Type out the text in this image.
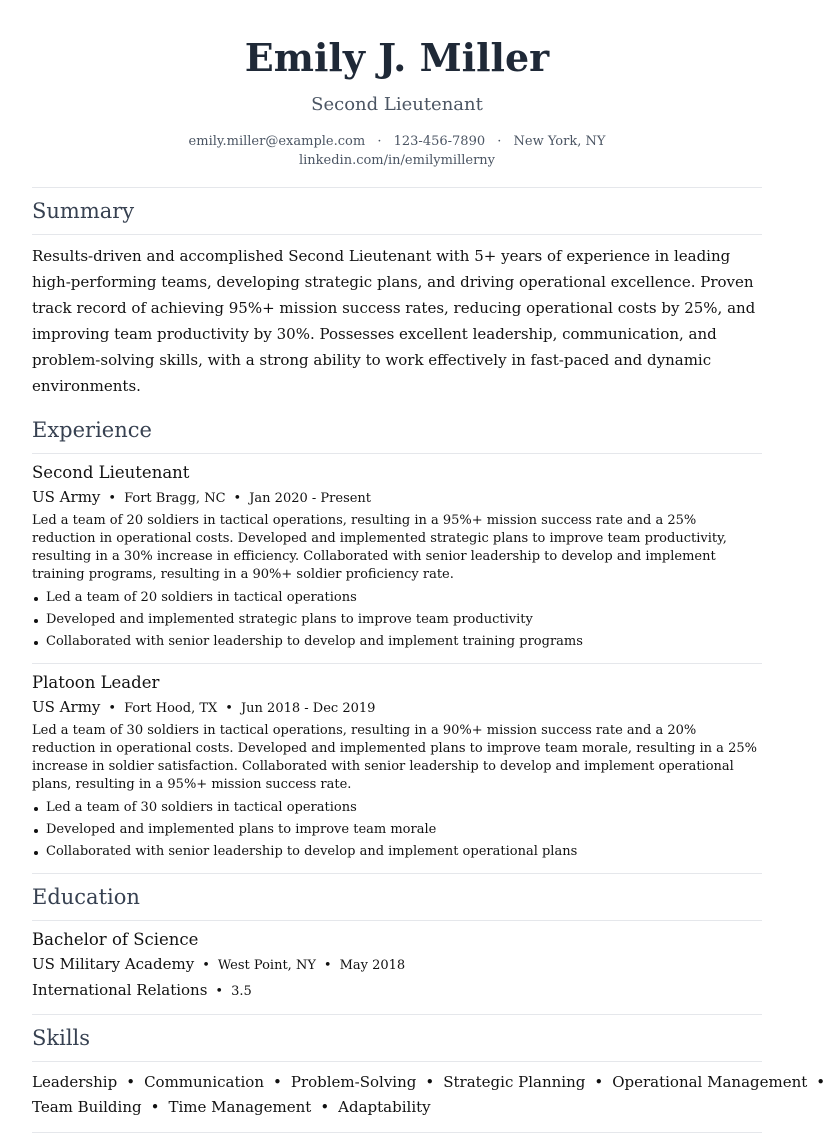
Emily J. Miller
Second Lieutenant
emily.miller@example.com · 123-456-7890 · New York, NY
linkedin.com/in/emilymillerny
Summary
Results-driven and accomplished Second Lieutenant with 5+ years of experience in leading high-performing teams, developing strategic plans, and driving operational excellence. Proven track record of achieving 95%+ mission success rates, reducing operational costs by 25%, and improving team productivity by 30%. Possesses excellent leadership, communication, and problem-solving skills, with a strong ability to work effectively in fast-paced and dynamic environments.
Experience
Second Lieutenant
US Army • Fort Bragg, NC • Jan 2020 - Present
Led a team of 20 soldiers in tactical operations, resulting in a 95%+ mission success rate and a 25% reduction in operational costs. Developed and implemented strategic plans to improve team productivity, resulting in a 30% increase in efficiency. Collaborated with senior leadership to develop and implement training programs, resulting in a 90%+ soldier proficiency rate.
Led a team of 20 soldiers in tactical operations
Developed and implemented strategic plans to improve team productivity
Collaborated with senior leadership to develop and implement training programs
Platoon Leader
US Army • Fort Hood, TX • Jun 2018 - Dec 2019
Led a team of 30 soldiers in tactical operations, resulting in a 90%+ mission success rate and a 20% reduction in operational costs. Developed and implemented plans to improve team morale, resulting in a 25% increase in soldier satisfaction. Collaborated with senior leadership to develop and implement operational plans, resulting in a 95%+ mission success rate.
Led a team of 30 soldiers in tactical operations
Developed and implemented plans to improve team morale
Collaborated with senior leadership to develop and implement operational plans
Education
Bachelor of Science
US Military Academy • West Point, NY • May 2018
International Relations • 3.5
Skills
Leadership • Communication • Problem-Solving • Strategic Planning • Operational Management •
Team Building • Time Management • Adaptability
